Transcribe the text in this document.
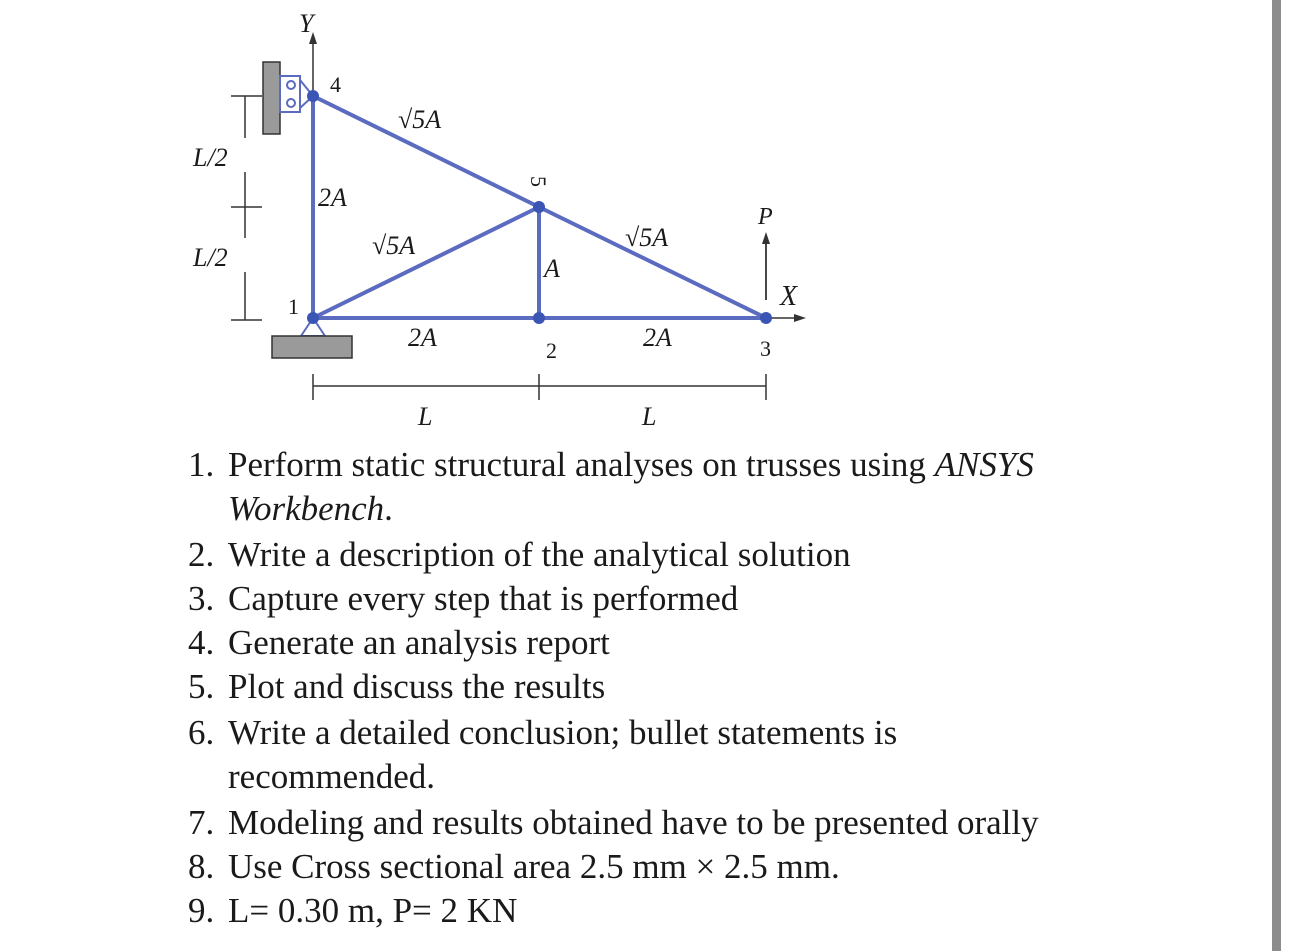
Y
X
P
4
1
5
2	3
√5A
2A
√5A
A
√5A
2A	2A
L/2
L/2
L	L
1. Perform static structural analyses on trusses using ANSYS
Workbench.
2. Write a description of the analytical solution
3. Capture every step that is performed
4. Generate an analysis report
5. Plot and discuss the results
6. Write a detailed conclusion; bullet statements is
recommended.
7. Modeling and results obtained have to be presented orally
8. Use Cross sectional area 2.5 mm × 2.5 mm.
9. L= 0.30 m, P= 2 KN
